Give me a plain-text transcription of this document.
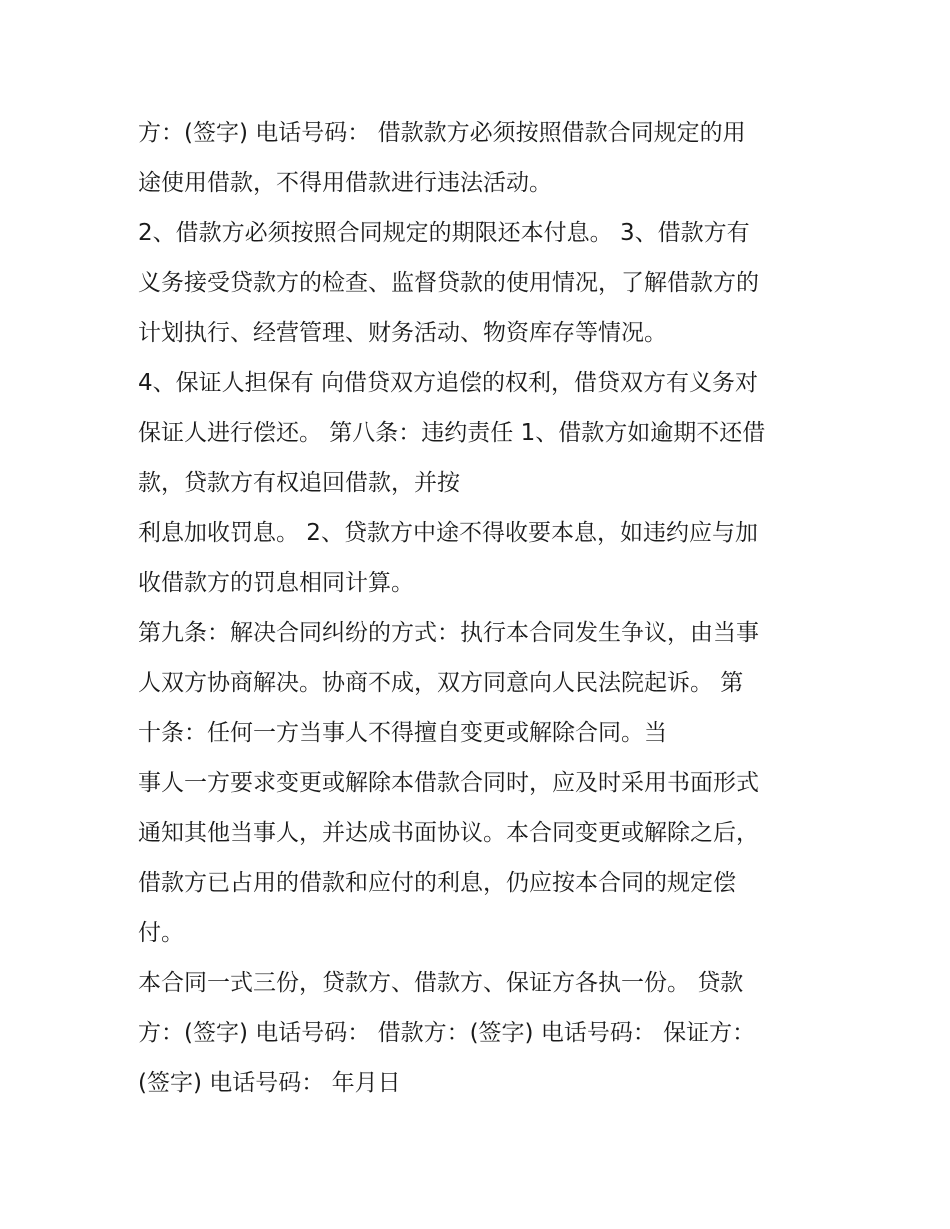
方：(签字) 电话号码： 借款款方必须按照借款合同规定的用
途使用借款，不得用借款进行违法活动。
2、借款方必须按照合同规定的期限还本付息。 3、借款方有
义务接受贷款方的检查、监督贷款的使用情况，了解借款方的
计划执行、经营管理、财务活动、物资库存等情况。
4、保证人担保有 向借贷双方追偿的权利，借贷双方有义务对
保证人进行偿还。 第八条：违约责任 1、借款方如逾期不还借
款，贷款方有权追回借款，并按
利息加收罚息。 2、贷款方中途不得收要本息，如违约应与加
收借款方的罚息相同计算。
第九条：解决合同纠纷的方式：执行本合同发生争议，由当事
人双方协商解决。协商不成，双方同意向人民法院起诉。 第
十条：任何一方当事人不得擅自变更或解除合同。当
事人一方要求变更或解除本借款合同时，应及时采用书面形式
通知其他当事人，并达成书面协议。本合同变更或解除之后，
借款方已占用的借款和应付的利息，仍应按本合同的规定偿
付。
本合同一式三份，贷款方、借款方、保证方各执一份。 贷款
方：(签字) 电话号码： 借款方：(签字) 电话号码： 保证方：
(签字) 电话号码： 年月日
